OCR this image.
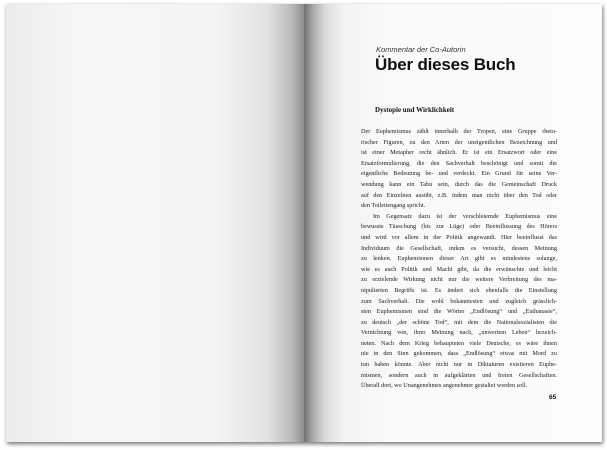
Kommentar der Co-Autorin

Über dieses Buch
Dystopie und Wirklichkeit
Der Euphemismus zählt innerhalb der Tropen, eine Gruppe rheto-
rischer Figuren, zu den Arten der uneigentlichen Bezeichnung und
ist einer Metapher recht ähnlich. Er ist ein Ersatzwort oder eine
Ersatzformulierung, die den Sachverhalt beschönigt und somit die
eigentliche Bedeutung be- und verdeckt. Ein Grund für seine Ver-
wendung kann ein Tabu sein, durch das die Gemeinschaft Druck
auf den Einzelnen ausübt, z.B. indem man nicht über den Tod oder
den Toilettengang spricht.
Im Gegensatz dazu ist der verschleiernde Euphemismus eine
bewusste Täuschung (bis zur Lüge) oder Beeinflussung des Hörers
und wird vor allem in der Politik angewandt. Hier beeinflusst das
Individuum die Gesellschaft, indem es versucht, dessen Meinung
zu lenken. Euphemismen dieser Art gibt es mindestens solange,
wie es auch Politik und Macht gibt, da die erwünschte und leicht
zu erzielende Wirkung nicht nur die weitere Verbreitung des ma-
nipulierten Begriffs ist. Es ändert sich ebenfalls die Einstellung
zum Sachverhalt. Die wohl bekanntesten und zugleich grässlich-
sten Euphemismen sind die Wörter „Endlösung“ und „Euthanasie“,
zu deutsch „der schöne Tod“, mit dem die Nationalsozialisten die
Vernichtung von, ihrer Meinung nach, „unwertem Leben“ bezeich-
neten. Nach dem Krieg behaupteten viele Deutsche, es wäre ihnen
nie in den Sinn gekommen, dass „Endlösung“ etwas mit Mord zu
tun haben könnte. Aber nicht nur in Diktaturen existieren Euphe-
mismen, sondern auch in aufgeklärten und freien Gesellschaften.
Überall dort, wo Unangenehmes angenehmer gestaltet werden soll.

65
